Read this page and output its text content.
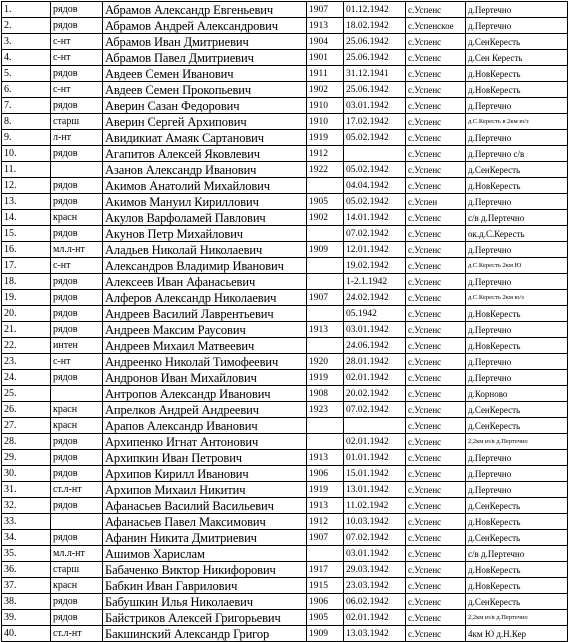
1.	рядов	Абрамов Александр Евгеньевич	1907	01.12.1942	с.Успенс	д.Пертечно
2.	рядов	Абрамов Андрей Александрович	1913	18.02.1942	с.Успенское	д.Пертечно
3.	с-нт	Абрамов Иван Дмитриевич	1904	25.06.1942	с.Успенс	д.СенКересть
4.	с-нт	Абрамов Павел Дмитриевич	1901	25.06.1942	с.Успенс	д.Сен Кересть
5.	рядов	Авдеев Семен Иванович	1911	31.12.1941	с.Успенс	д.НовКересть
6.	с-нт	Авдеев Семен Прокопьевич	1902	25.06.1942	с.Успенс	д.НовКересть
7.	рядов	Аверин Сазан Федорович	1910	03.01.1942	с.Успенс	д.Пертечно
8.	старш	Аверин Сергей Архипович	1910	17.02.1942	с.Успенс	д.С.Кересть в 2км ю/з
9.	л-нт	Авидикиат Амаяк Сартанович	1919	05.02.1942	с.Успенс	д.Пертечно
10.	рядов	Агапитов Алексей Яковлевич	1912		с.Успенс	д.Пертечно с/в
11.		Азанов Александр Иванович	1922	05.02.1942	с.Успенс	д.СенКересть
12.	рядов	Акимов Анатолий Михайлович		04.04.1942	с.Успенс	д.НовКересть
13.	рядов	Акимов Мануил Кириллович	1905	05.02.1942	с.Успен	д.Пертечно
14.	красн	Акулов Варфоламей Павлович	1902	14.01.1942	с.Успенс	с/в д.Пертечно
15.	рядов	Акунов Петр Михайлович		07.02.1942	с.Успенс	ок.д.С.Кересть
16.	мл.л-нт	Аладьев Николай Николаевич	1909	12.01.1942	с.Успенс	д.Пертечно
17.	с-нт	Александров Владимир Иванович		19.02.1942	с.Успенс	д.С.Кересть 2км Ю
18.	рядов	Алексеев Иван Афанасьевич		1-2.1.1942	с.Успенс	д.Пертечно
19.	рядов	Алферов Александр Николаевич	1907	24.02.1942	с.Успенс	д.С.Кересть 2км ю/з
20.	рядов	Андреев Василий Лаврентьевич		05.1942	с.Успенс	д.НовКересть
21.	рядов	Андреев Максим Раусович	1913	03.01.1942	с.Успенс	д.Пертечно
22.	интен	Андреев Михаил Матвеевич		24.06.1942	с.Успенс	д.НовКересть
23.	с-нт	Андреенко Николай Тимофеевич	1920	28.01.1942	с.Успенс	д.Пертечно
24.	рядов	Андронов Иван Михайлович	1919	02.01.1942	с.Успенс	д.Пертечно
25.		Антропов Александр Иванович	1908	20.02.1942	с.Успенс	д.Корново
26.	красн	Апрелков Андрей Андреевич	1923	07.02.1942	с.Успенс	д.СенКересть
27.	красн	Арапов Александр Иванович			с.Успенс	д.СенКересть
28.	рядов	Архипенко Игнат Антонович		02.01.1942	с.Успенс	2,2км ю/в д.Пертечно
29.	рядов	Архипкин Иван Петрович	1913	01.01.1942	с.Успенс	д.Пертечно
30.	рядов	Архипов Кирилл Иванович	1906	15.01.1942	с.Успенс	д.Пертечно
31.	ст.л-нт	Архипов Михаил Никитич	1919	13.01.1942	с.Успенс	д.Пертечно
32.	рядов	Афанасьев Василий Васильевич	1913	11.02.1942	с.Успенс	д.СенКересть
33.		Афанасьев Павел Максимович	1912	10.03.1942	с.Успенс	д.НовКересть
34.	рядов	Афанин Никита Дмитриевич	1907	07.02.1942	с.Успенс	д.СенКересть
35.	мл.л-нт	Ашимов Харислам		03.01.1942	с.Успенс	с/в д.Пертечно
36.	старш	Бабаченко Виктор Никифорович	1917	29.03.1942	с.Успенс	д.НовКересть
37.	красн	Бабкин Иван Гаврилович	1915	23.03.1942	с.Успенс	д.НовКересть
38.	рядов	Бабушкин Илья Николаевич	1906	06.02.1942	с.Успенс	д.СенКересть
39.	рядов	Байстриков Алексей Григорьевич	1905	02.01.1942	с.Успенс	2,2км ю/в д.Пертечно
40.	ст.л-нт	Бакшинский Александр Григор	1909	13.03.1942	с.Успенс	4км Ю д.Н.Кер
